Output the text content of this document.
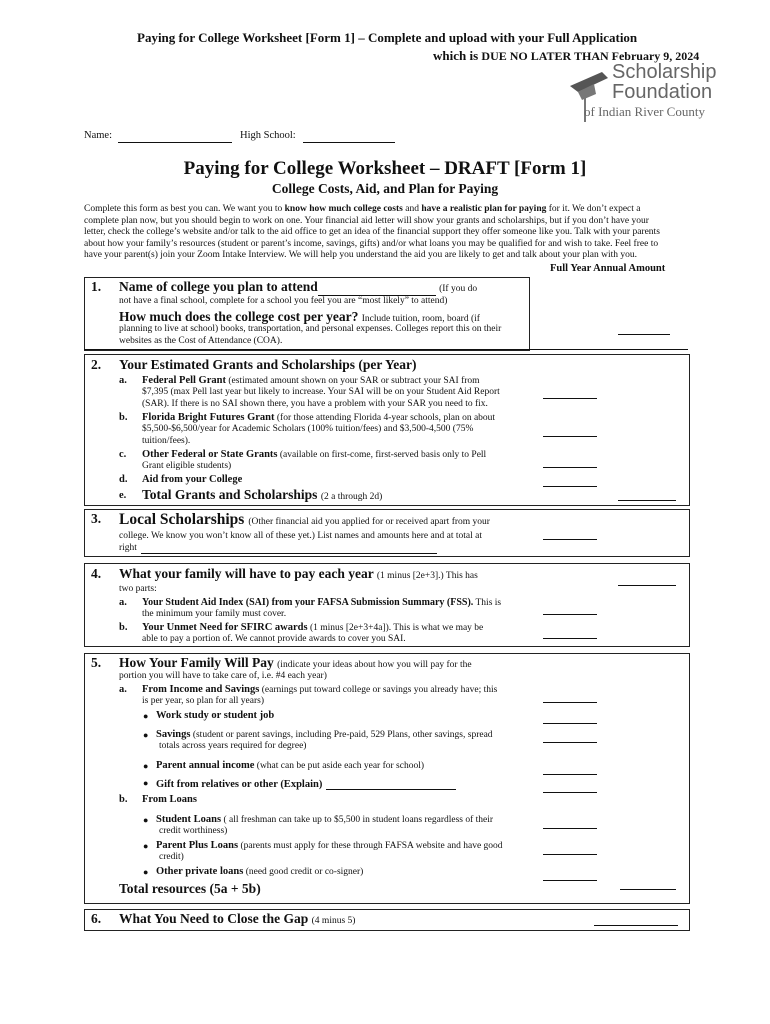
Paying for College Worksheet [Form 1] – Complete and upload with your Full Application
which is DUE NO LATER THAN February 9, 2024
Scholarship
Foundation
of Indian River County
Name:	High School:
Paying for College Worksheet – DRAFT [Form 1]
College Costs, Aid, and Plan for Paying
Complete this form as best you can. We want you to know how much college costs and have a realistic plan for paying for it. We don’t expect a
complete plan now, but you should begin to work on one. Your financial aid letter will show your grants and scholarships, but if you don’t have your
letter, check the college’s website and/or talk to the aid office to get an idea of the financial support they offer someone like you. Talk with your parents
about how your family’s resources (student or parent’s income, savings, gifts) and/or what loans you may be qualified for and wish to take. Feel free to
have your parent(s) join your Zoom Intake Interview. We will help you understand the aid you are likely to get and talk about your plan with you.
Full Year Annual Amount
1. Name of college you plan to attend	(If you do
not have a final school, complete for a school you feel you are “most likely” to attend)
How much does the college cost per year? Include tuition, room, board (if
planning to live at school) books, transportation, and personal expenses. Colleges report this on their
websites as the Cost of Attendance (COA).
2. Your Estimated Grants and Scholarships (per Year)
a. Federal Pell Grant (estimated amount shown on your SAR or subtract your SAI from
$7,395 (max Pell last year but likely to increase. Your SAI will be on your Student Aid Report
(SAR). If there is no SAI shown there, you have a problem with your SAR you need to fix.
b. Florida Bright Futures Grant (for those attending Florida 4-year schools, plan on about
$5,500-$6,500/year for Academic Scholars (100% tuition/fees) and $3,500-4,500 (75%
tuition/fees).
c. Other Federal or State Grants (available on first-come, first-served basis only to Pell
Grant eligible students)
d. Aid from your College
e. Total Grants and Scholarships (2 a through 2d)
3. Local Scholarships (Other financial aid you applied for or received apart from your
college. We know you won’t know all of these yet.) List names and amounts here and at total at
right
4. What your family will have to pay each year (1 minus [2e+3].) This has
two parts:
a. Your Student Aid Index (SAI) from your FAFSA Submission Summary (FSS). This is
the minimum your family must cover.
b. Your Unmet Need for SFIRC awards (1 minus [2e+3+4a]). This is what we may be
able to pay a portion of. We cannot provide awards to cover you SAI.
5. How Your Family Will Pay (indicate your ideas about how you will pay for the
portion you will have to take care of, i.e. #4 each year)
a. From Income and Savings (earnings put toward college or savings you already have; this
is per year, so plan for all years)
● Work study or student job
● Savings (student or parent savings, including Pre-paid, 529 Plans, other savings, spread
totals across years required for degree)
● Parent annual income (what can be put aside each year for school)
● Gift from relatives or other (Explain)
b. From Loans
● Student Loans ( all freshman can take up to $5,500 in student loans regardless of their
credit worthiness)
● Parent Plus Loans (parents must apply for these through FAFSA website and have good
credit)
● Other private loans (need good credit or co-signer)
Total resources (5a + 5b)
6. What You Need to Close the Gap (4 minus 5)
